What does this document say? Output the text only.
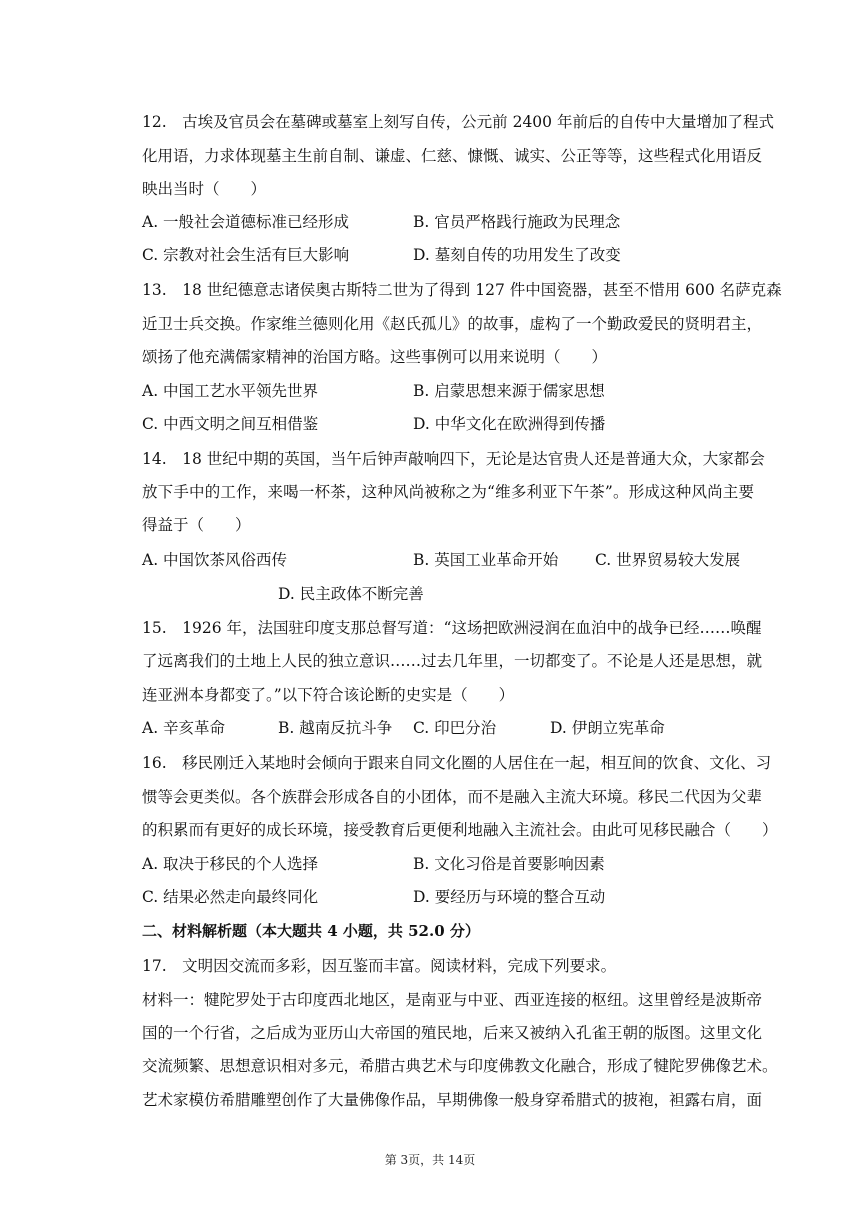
12.　古埃及官员会在墓碑或墓室上刻写自传，公元前 2400 年前后的自传中大量增加了程式
化用语，力求体现墓主生前自制、谦虚、仁慈、慷慨、诚实、公正等等，这些程式化用语反
映出当时（　　）
A. 一般社会道德标准已经形成	B. 官员严格践行施政为民理念
C. 宗教对社会生活有巨大影响	D. 墓刻自传的功用发生了改变
13.　18 世纪德意志诸侯奥古斯特二世为了得到 127 件中国瓷器，甚至不惜用 600 名萨克森
近卫士兵交换。作家维兰德则化用《赵氏孤儿》的故事，虚构了一个勤政爱民的贤明君主，
颂扬了他充满儒家精神的治国方略。这些事例可以用来说明（　　）
A. 中国工艺水平领先世界	B. 启蒙思想来源于儒家思想
C. 中西文明之间互相借鉴	D. 中华文化在欧洲得到传播
14.　18 世纪中期的英国，当午后钟声敲响四下，无论是达官贵人还是普通大众，大家都会
放下手中的工作，来喝一杯茶，这种风尚被称之为“维多利亚下午茶”。形成这种风尚主要
得益于（　　）
A. 中国饮茶风俗西传	B. 英国工业革命开始 C. 世界贸易较大发展
D. 民主政体不断完善
15.　1926 年，法国驻印度支那总督写道：“这场把欧洲浸润在血泊中的战争已经……唤醒
了远离我们的土地上人民的独立意识……过去几年里，一切都变了。不论是人还是思想，就
连亚洲本身都变了。”以下符合该论断的史实是（　　）
A. 辛亥革命	B. 越南反抗斗争 C. 印巴分治	D. 伊朗立宪革命
16.　移民刚迁入某地时会倾向于跟来自同文化圈的人居住在一起，相互间的饮食、文化、习
惯等会更类似。各个族群会形成各自的小团体，而不是融入主流大环境。移民二代因为父辈
的积累而有更好的成长环境，接受教育后更便利地融入主流社会。由此可见移民融合（　　）
A. 取决于移民的个人选择	B. 文化习俗是首要影响因素
C. 结果必然走向最终同化	D. 要经历与环境的整合互动
二、材料解析题（本大题共 4 小题，共 52.0 分）
17.　文明因交流而多彩，因互鉴而丰富。阅读材料，完成下列要求。
材料一：犍陀罗处于古印度西北地区，是南亚与中亚、西亚连接的枢纽。这里曾经是波斯帝
国的一个行省，之后成为亚历山大帝国的殖民地，后来又被纳入孔雀王朝的版图。这里文化
交流频繁、思想意识相对多元，希腊古典艺术与印度佛教文化融合，形成了犍陀罗佛像艺术。
艺术家模仿希腊雕塑创作了大量佛像作品，早期佛像一般身穿希腊式的披袍，袒露右肩，面
第 3页，共 14页
